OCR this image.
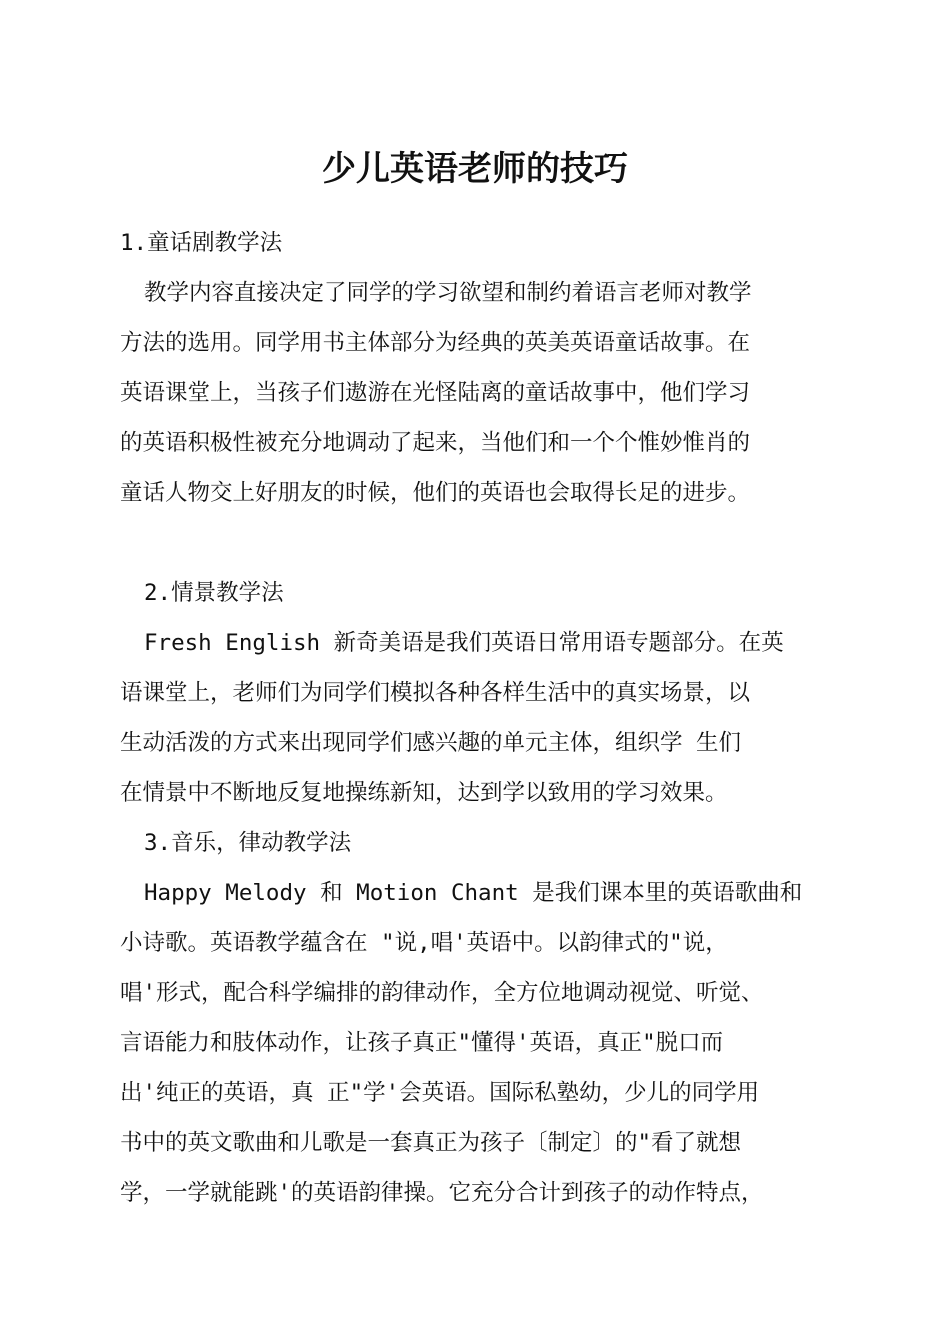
少儿英语老师的技巧
1.童话剧教学法
教学内容直接决定了同学的学习欲望和制约着语言老师对教学
方法的选用。同学用书主体部分为经典的英美英语童话故事。在
英语课堂上，当孩子们遨游在光怪陆离的童话故事中，他们学习
的英语积极性被充分地调动了起来，当他们和一个个惟妙惟肖的
童话人物交上好朋友的时候，他们的英语也会取得长足的进步。
2.情景教学法
Fresh English 新奇美语是我们英语日常用语专题部分。在英
语课堂上，老师们为同学们模拟各种各样生活中的真实场景，以
生动活泼的方式来出现同学们感兴趣的单元主体，组织学 生们
在情景中不断地反复地操练新知，达到学以致用的学习效果。
3.音乐，律动教学法
Happy Melody 和 Motion Chant 是我们课本里的英语歌曲和
小诗歌。英语教学蕴含在 "说,唱'英语中。以韵律式的"说，
唱'形式，配合科学编排的韵律动作，全方位地调动视觉、听觉、
言语能力和肢体动作，让孩子真正"懂得'英语，真正"脱口而
出'纯正的英语，真 正"学'会英语。国际私塾幼，少儿的同学用
书中的英文歌曲和儿歌是一套真正为孩子〔制定〕的"看了就想
学，一学就能跳'的英语韵律操。它充分合计到孩子的动作特点，
